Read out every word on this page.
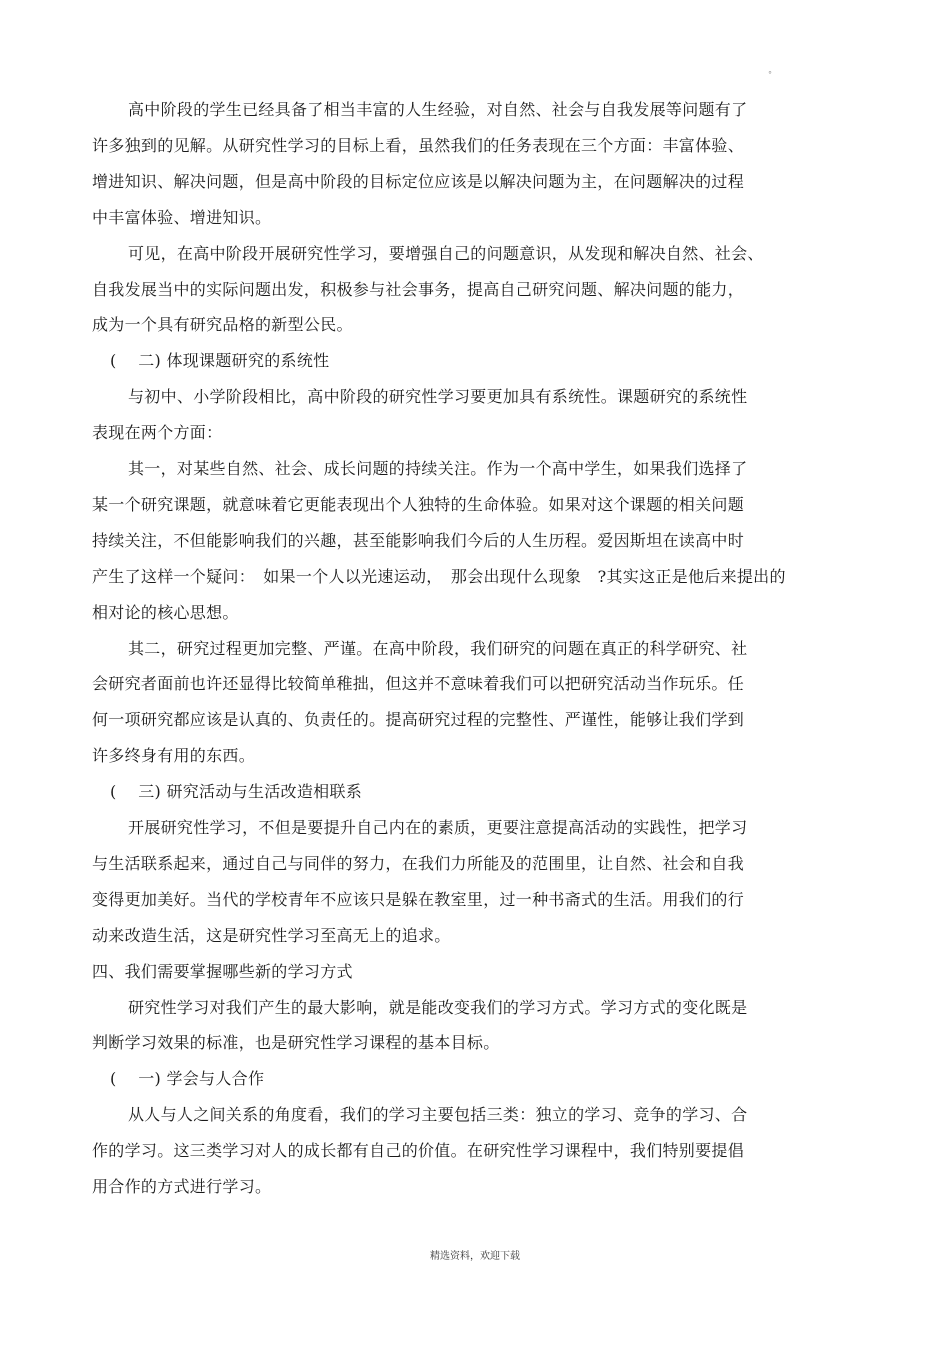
°
高中阶段的学生已经具备了相当丰富的人生经验，对自然、社会与自我发展等问题有了
许多独到的见解。从研究性学习的目标上看，虽然我们的任务表现在三个方面：丰富体验、
增进知识、解决问题，但是高中阶段的目标定位应该是以解决问题为主，在问题解决的过程
中丰富体验、增进知识。
可见，在高中阶段开展研究性学习，要增强自己的问题意识，从发现和解决自然、社会、
自我发展当中的实际问题出发，积极参与社会事务，提高自己研究问题、解决问题的能力，
成为一个具有研究品格的新型公民。
(　 二) 体现课题研究的系统性
与初中、小学阶段相比，高中阶段的研究性学习要更加具有系统性。课题研究的系统性
表现在两个方面：
其一，对某些自然、社会、成长问题的持续关注。作为一个高中学生，如果我们选择了
某一个研究课题，就意味着它更能表现出个人独特的生命体验。如果对这个课题的相关问题
持续关注，不但能影响我们的兴趣，甚至能影响我们今后的人生历程。爱因斯坦在读高中时
产生了这样一个疑问：　如果一个人以光速运动，　那会出现什么现象　?其实这正是他后来提出的
相对论的核心思想。
其二，研究过程更加完整、严谨。在高中阶段，我们研究的问题在真正的科学研究、社
会研究者面前也许还显得比较简单稚拙，但这并不意味着我们可以把研究活动当作玩乐。任
何一项研究都应该是认真的、负责任的。提高研究过程的完整性、严谨性，能够让我们学到
许多终身有用的东西。
(　 三) 研究活动与生活改造相联系
开展研究性学习，不但是要提升自己内在的素质，更要注意提高活动的实践性，把学习
与生活联系起来，通过自己与同伴的努力，在我们力所能及的范围里，让自然、社会和自我
变得更加美好。当代的学校青年不应该只是躲在教室里，过一种书斋式的生活。用我们的行
动来改造生活，这是研究性学习至高无上的追求。
四、我们需要掌握哪些新的学习方式
研究性学习对我们产生的最大影响，就是能改变我们的学习方式。学习方式的变化既是
判断学习效果的标准，也是研究性学习课程的基本目标。
(　 一) 学会与人合作
从人与人之间关系的角度看，我们的学习主要包括三类：独立的学习、竞争的学习、合
作的学习。这三类学习对人的成长都有自己的价值。在研究性学习课程中，我们特别要提倡
用合作的方式进行学习。
精选资料，欢迎下载
